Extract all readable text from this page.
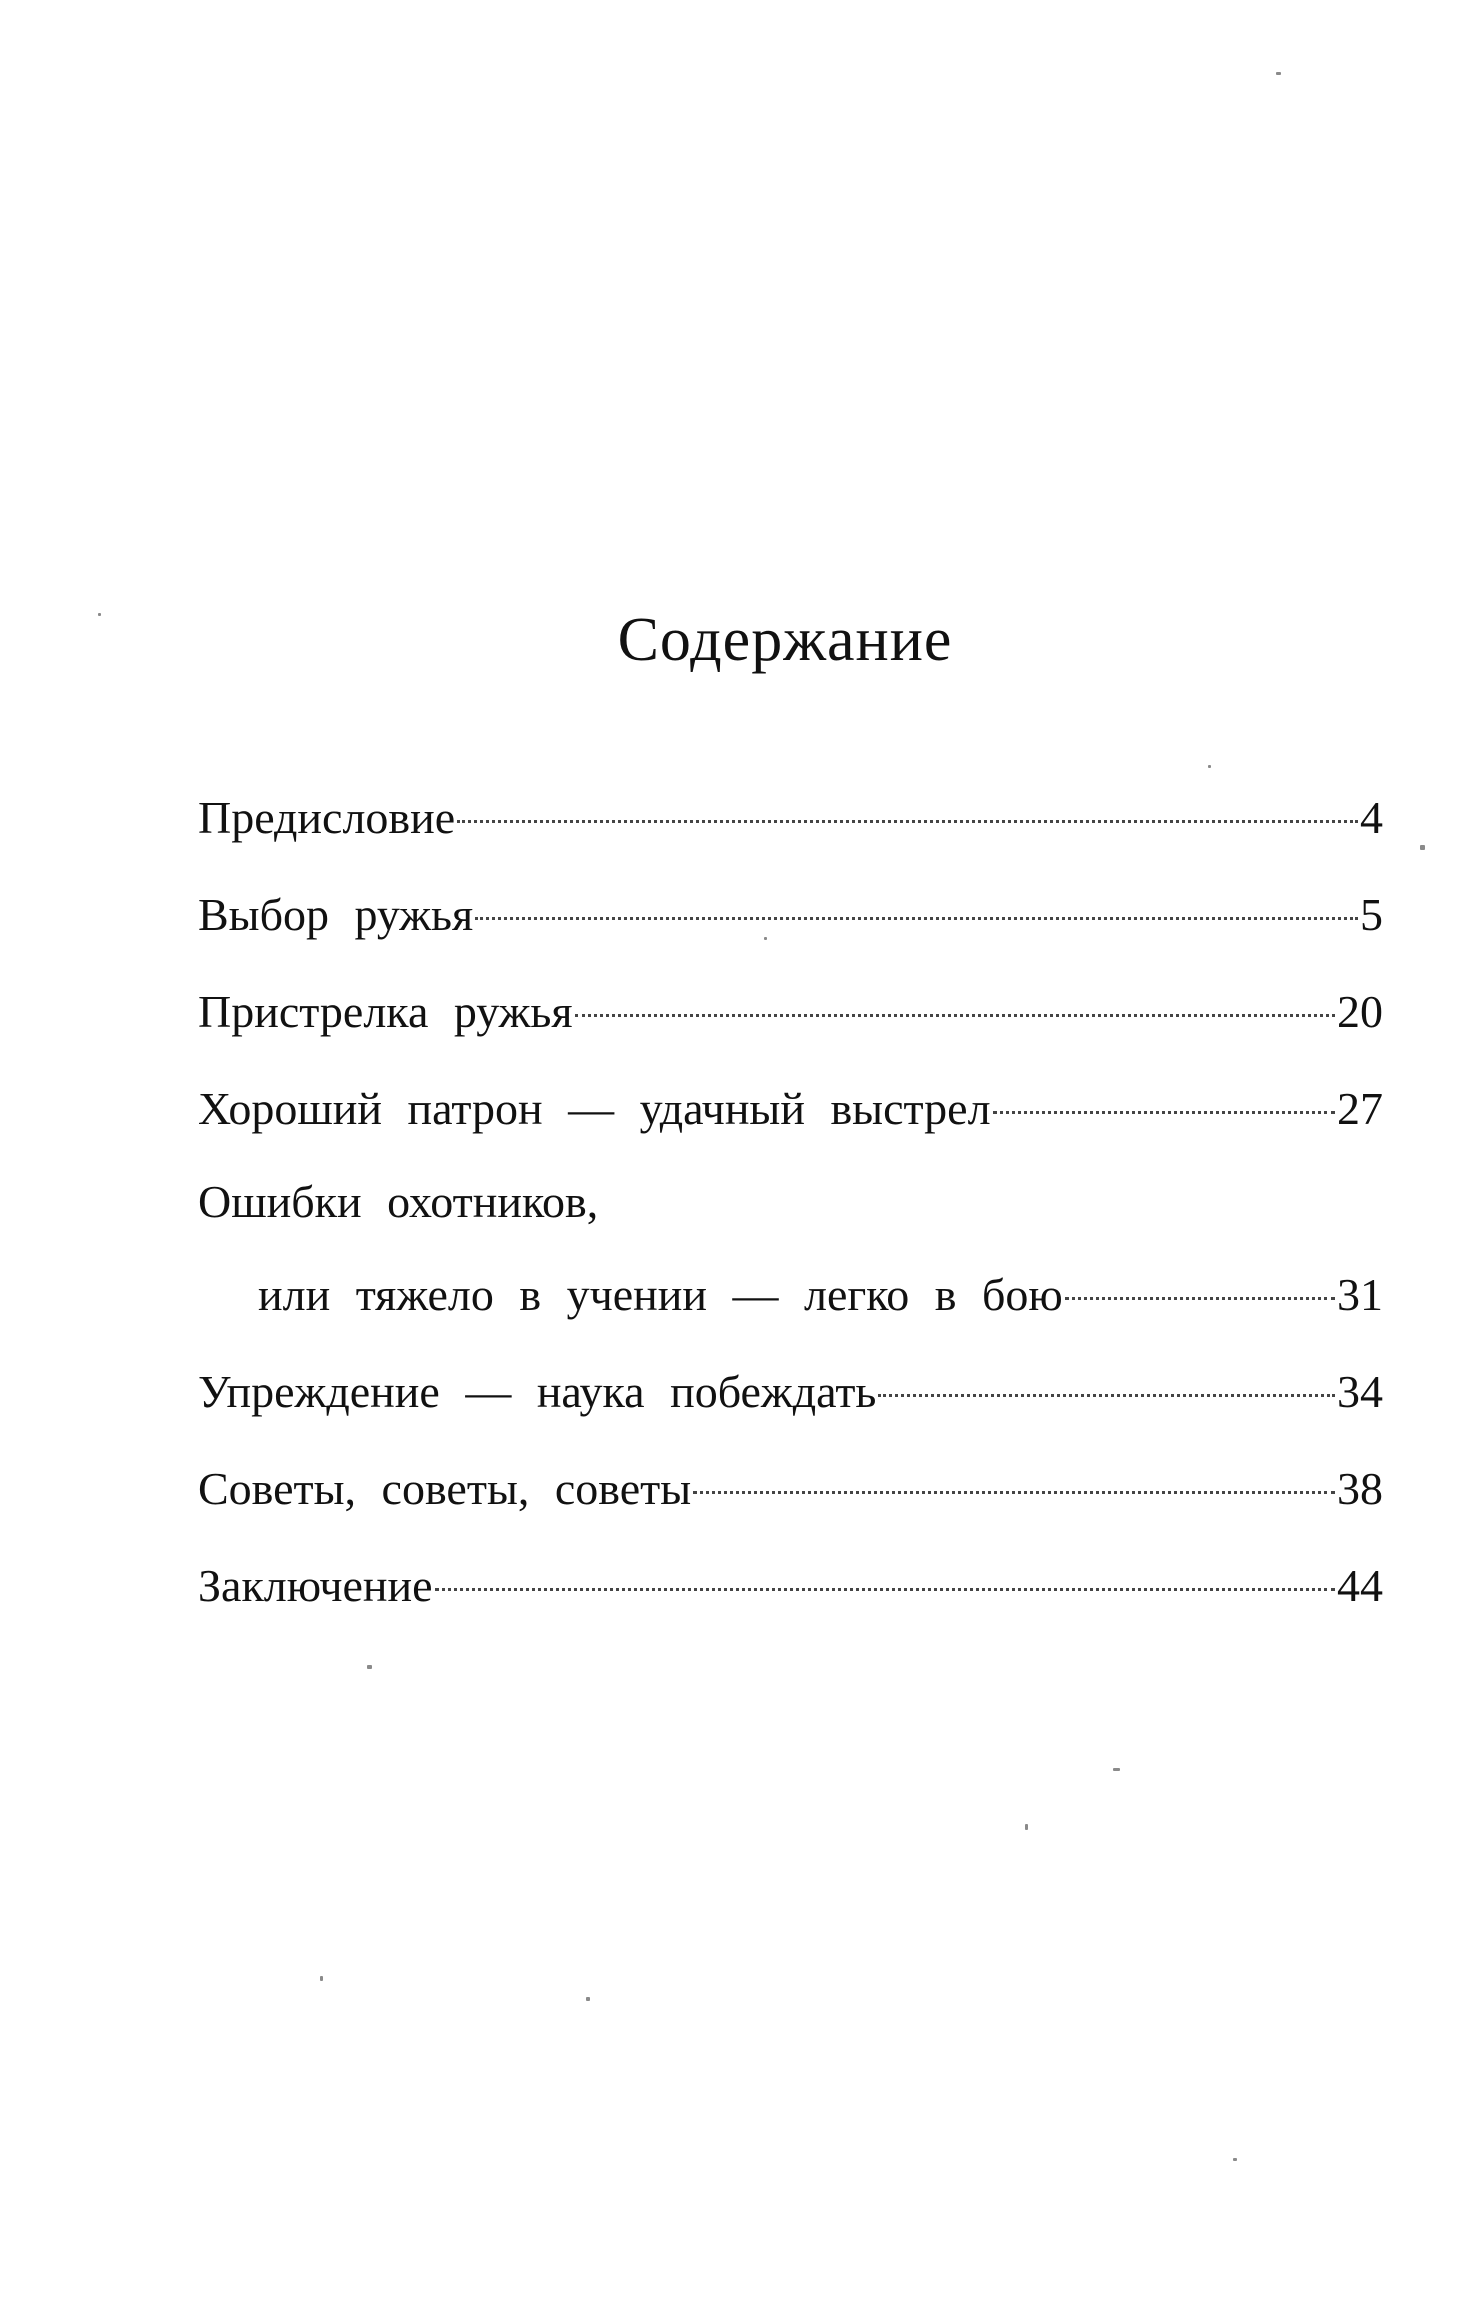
Содержание
Предисловие	4
Выбор ружья	5
Пристрелка ружья	20
Хороший патрон — удачный выстрел	27
Ошибки охотников,
или тяжело в учении — легко в бою	31
Упреждение — наука побеждать	34
Советы, советы, советы	38
Заключение	44
